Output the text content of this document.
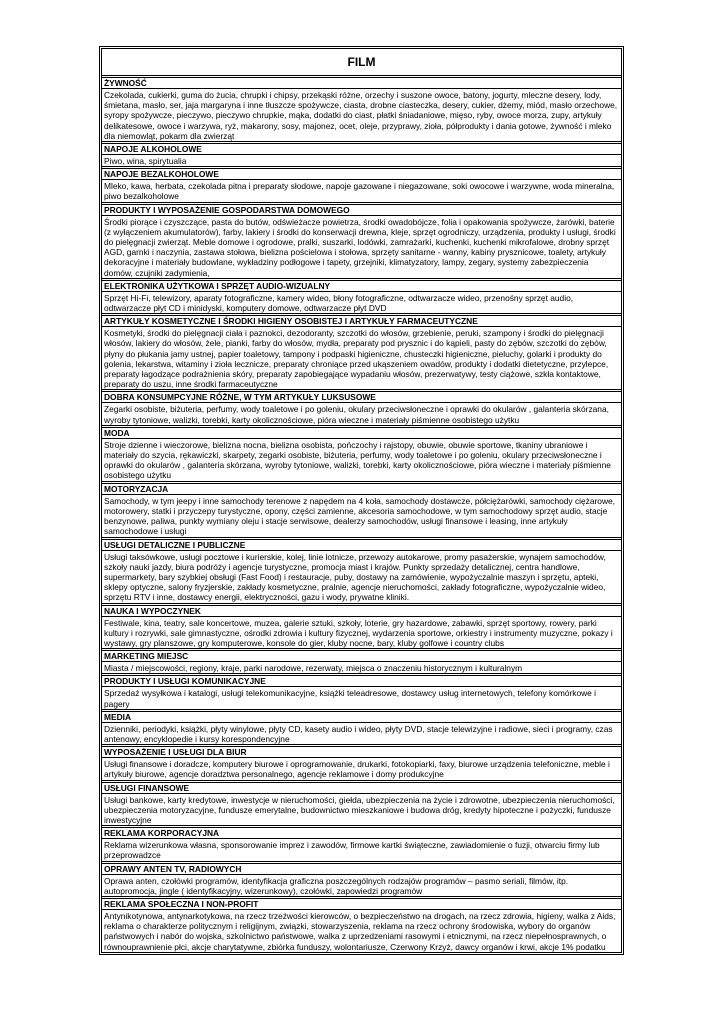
FILM
ŻYWNOŚĆ
Czekolada, cukierki, guma do żucia, chrupki i chipsy, przekąski różne, orzechy i suszone owoce, batony, jogurty, mleczne desery, lody, śmietana, masło, ser, jaja margaryna i inne tłuszcze spożywcze, ciasta, drobne ciasteczka, desery, cukier, dżemy, miód, masło orzechowe, syropy spożywcze, pieczywo, pieczywo chrupkie, mąka, dodatki do ciast, płatki śniadaniowe, mięso, ryby, owoce morza, zupy, artykuły delikatesowe, owoce i warzywa, ryż, makarony, sosy, majonez, ocet, oleje, przyprawy, zioła, półprodukty i dania gotowe, żywność i mleko dla niemowląt, pokarm dla zwierząt
NAPOJE ALKOHOLOWE
Piwo, wina, spirytualia
NAPOJE BEZALKOHOLOWE
Mleko, kawa, herbata, czekolada pitna i preparaty słodowe, napoje gazowane i niegazowane, soki owocowe i warzywne, woda mineralna, piwo bezalkoholowe
PRODUKTY I WYPOSAŻENIE GOSPODARSTWA DOMOWEGO
Środki piorące i czyszczące, pasta do butów, odświeżacze powietrza, środki owadobójcze, folia i opakowania spożywcze, żarówki, baterie (z wyłączeniem akumulatorów), farby, lakiery i środki do konserwacji drewna, kleje, sprzęt ogrodniczy, urządzenia, produkty i usługi, środki do pielęgnacji zwierząt. Meble domowe i ogrodowe, pralki, suszarki, lodówki, zamrażarki, kuchenki, kuchenki mikrofalowe, drobny sprzęt AGD, garnki i naczynia, zastawa stołowa, bielizna pościelowa i stołowa, sprzęty sanitarne - wanny, kabiny prysznicowe, toalety, artykuły dekoracyjne i materiały budowlane, wykładziny podłogowe i tapety, grzejniki, klimatyzatory, lampy, zegary, systemy zabezpieczenia domów, czujniki zadymienia,
ELEKTRONIKA UŻYTKOWA I SPRZĘT AUDIO-WIZUALNY
Sprzęt Hi-Fi, telewizory, aparaty fotograficzne, kamery wideo, błony fotograficzne, odtwarzacze wideo, przenośny sprzęt audio, odtwarzacze płyt CD i minidyski, komputery domowe, odtwarzacze płyt DVD
ARTYKUŁY KOSMETYCZNE I ŚRODKI HIGIENY OSOBISTEJ I ARTYKUŁY FARMACEUTYCZNE
Kosmetyki, środki do pielęgnacji ciała i paznokci, dezodoranty, szczotki do włosów, grzebienie, peruki, szampony i środki do pielęgnacji włosów, lakiery do włosów, żele, pianki, farby do włosów, mydła, preparaty pod prysznic i do kąpieli, pasty do zębów, szczotki do zębów, płyny do płukania jamy ustnej, papier toaletowy, tampony i podpaski higieniczne, chusteczki higieniczne, pieluchy, golarki i produkty do golenia, lekarstwa, witaminy i zioła lecznicze, preparaty chroniące przed ukąszeniem owadów, produkty i dodatki dietetyczne, przylepce, preparaty łagodzące podrażnienia skóry, preparaty zapobiegające wypadaniu włosów, prezerwatywy, testy ciążowe, szkła kontaktowe, preparaty do uszu, inne środki farmaceutyczne
DOBRA KONSUMPCYJNE RÓŻNE, W TYM ARTYKUŁY LUKSUSOWE
Zegarki osobiste, biżuteria, perfumy, wody toaletowe i po goleniu, okulary przeciwsłoneczne i oprawki do okularów , galanteria skórzana, wyroby tytoniowe, walizki, torebki, karty okolicznościowe, pióra wieczne i materiały piśmienne osobistego użytku
MODA
Stroje dzienne i wieczorowe, bielizna nocna, bielizna osobista, pończochy i rajstopy, obuwie, obuwie sportowe, tkaniny ubraniowe i materiały do szycia, rękawiczki, skarpety, zegarki osobiste, biżuteria, perfumy, wody toaletowe i po goleniu, okulary przeciwsłoneczne i oprawki do okularów , galanteria skórzana, wyroby tytoniowe, walizki, torebki, karty okolicznościowe, pióra wieczne i materiały piśmienne osobistego użytku
MOTORYZACJA
Samochody, w tym jeepy i inne samochody terenowe z napędem na 4 koła, samochody dostawcze, półciężarówki, samochody ciężarowe, motorowery, statki i przyczepy turystyczne, opony, części zamienne, akcesoria samochodowe, w tym samochodowy sprzęt audio, stacje benzynowe, paliwa, punkty wymiany oleju i stacje serwisowe, dealerzy samochodów, usługi finansowe i leasing, inne artykuły samochodowe i usługi
USŁUGI DETALICZNE I PUBLICZNE
Usługi taksówkowe, usługi pocztowe i kurierskie, kolej, linie lotnicze, przewozy autokarowe, promy pasażerskie, wynajem samochodów, szkoły nauki jazdy, biura podróży i agencje turystyczne, promocja miast i krajów. Punkty sprzedaży detalicznej, centra handlowe, supermarkety, bary szybkiej obsługi (Fast Food) i restauracje, puby, dostawy na zamówienie, wypożyczalnie maszyn i sprzętu, apteki, sklepy optyczne, salony fryzjerskie, zakłady kosmetyczne, pralnie, agencje nieruchomości, zakłady fotograficzne, wypożyczalnie wideo, sprzętu RTV i inne, dostawcy energii, elektryczności, gazu i wody, prywatne kliniki.
NAUKA I WYPOCZYNEK
Festiwale, kina, teatry, sale koncertowe, muzea, galerie sztuki, szkoły, loterie, gry hazardowe, zabawki, sprzęt sportowy, rowery, parki kultury i rozrywki, sale gimnastyczne, ośrodki zdrowia i kultury fizycznej, wydarzenia sportowe, orkiestry i instrumenty muzyczne, pokazy i wystawy, gry planszowe, gry komputerowe, konsole do gier, kluby nocne, bary, kluby golfowe i country clubs
MARKETING MIEJSC
Miasta / miejscowości, regiony, kraje, parki narodowe, rezerwaty, miejsca o znaczeniu historycznym i kulturalnym
PRODUKTY I USŁUGI KOMUNIKACYJNE
Sprzedaż wysyłkowa i katalogi, usługi telekomunikacyjne, książki teleadresowe, dostawcy usług internetowych, telefony komórkowe i pagery
MEDIA
Dzienniki, periodyki, książki, płyty winylowe, płyty CD, kasety audio i wideo, płyty DVD, stacje telewizyjne i radiowe, sieci i programy, czas antenowy, encyklopedie i kursy korespondencyjne
WYPOSAŻENIE I USŁUGI DLA BIUR
Usługi finansowe i doradcze, komputery biurowe i oprogramowanie, drukarki, fotokopiarki, faxy, biurowe urządzenia telefoniczne, meble i artykuły biurowe, agencje doradztwa personalnego, agencje reklamowe i domy produkcyjne
USŁUGI FINANSOWE
Usługi bankowe, karty kredytowe, inwestycje w nieruchomości, giełda, ubezpieczenia na życie i zdrowotne, ubezpieczenia nieruchomości, ubezpieczenia motoryzacyjne, fundusze emerytalne, budownictwo mieszkaniowe i budowa dróg, kredyty hipoteczne i pożyczki, fundusze inwestycyjne
REKLAMA KORPORACYJNA
Reklama wizerunkowa własna, sponsorowanie imprez i zawodów, firmowe kartki świąteczne, zawiadomienie o fuzji, otwarciu firmy lub przeprowadzce
OPRAWY ANTEN TV, RADIOWYCH
Oprawa anten, czołówki programów, identyfikacja graficzna poszczególnych rodzajów programów – pasmo seriali, filmów, itp. autopromocja, jingle ( identyfikacyjny, wizerunkowy), czołówki, zapowiedzi programów
REKLAMA SPOŁECZNA I NON-PROFIT
Antynikotynowa, antynarkotykowa, na rzecz trzeźwości kierowców, o bezpieczeństwo na drogach, na rzecz zdrowia, higieny, walka z Aids, reklama o charakterze politycznym i religijnym, związki, stowarzyszenia, reklama na rzecz ochrony środowiska, wybory do organów państwowych i nabór do wojska, szkolnictwo państwowe, walka z uprzedzeniami rasowymi i etnicznymi, na rzecz niepełnosprawnych, o równouprawnienie płci, akcje charytatywne, zbiórka funduszy, wolontariusze, Czerwony Krzyż, dawcy organów i krwi, akcje 1% podatku
